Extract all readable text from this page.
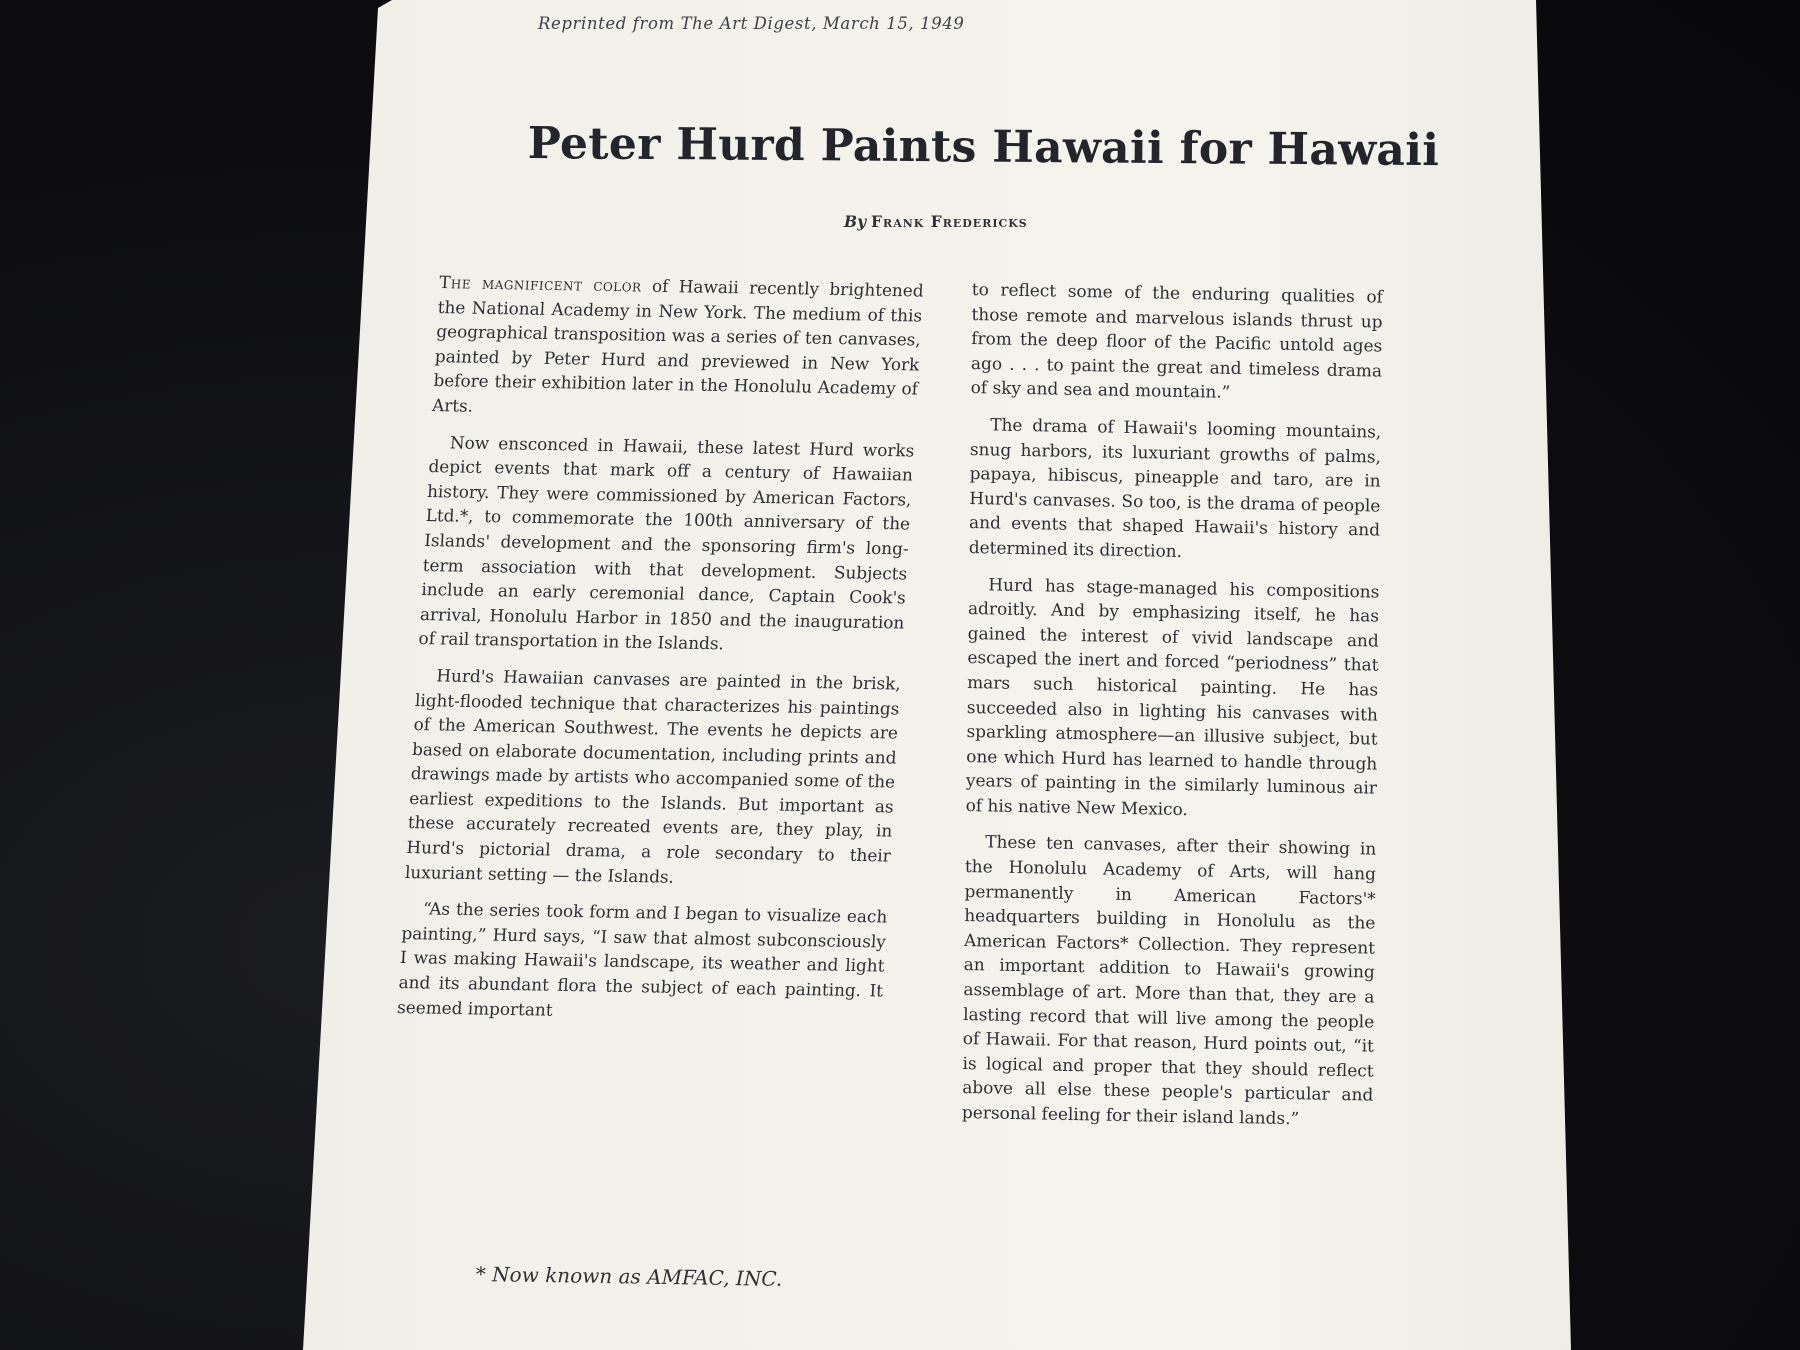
Reprinted from The Art Digest, March 15, 1949
Peter Hurd Paints Hawaii for Hawaii
By Frank Fredericks

The magnificent color of Hawaii recently brightened the National Academy in New York. The medium of this geographical transposition was a series of ten canvases, painted by Peter Hurd and previewed in New York before their exhibition later in the Honolulu Academy of Arts.

Now ensconced in Hawaii, these latest Hurd works depict events that mark off a century of Hawaiian history. They were commissioned by American Factors, Ltd.*, to commemorate the 100th anniversary of the Islands' development and the sponsoring firm's long-term association with that development. Subjects include an early ceremonial dance, Captain Cook's arrival, Honolulu Harbor in 1850 and the inauguration of rail transportation in the Islands.

Hurd's Hawaiian canvases are painted in the brisk, light-flooded technique that characterizes his paintings of the American Southwest. The events he depicts are based on elaborate documentation, including prints and drawings made by artists who accompanied some of the earliest expeditions to the Islands. But important as these accurately recreated events are, they play, in Hurd's pictorial drama, a role secondary to their luxuriant setting — the Islands.

“As the series took form and I began to visualize each painting,” Hurd says, “I saw that almost subconsciously I was making Hawaii's landscape, its weather and light and its abundant flora the subject of each painting. It seemed important

to reflect some of the enduring qualities of those remote and marvelous islands thrust up from the deep floor of the Pacific untold ages ago . . . to paint the great and timeless drama of sky and sea and mountain.”

The drama of Hawaii's looming mountains, snug harbors, its luxuriant growths of palms, papaya, hibiscus, pineapple and taro, are in Hurd's canvases. So too, is the drama of people and events that shaped Hawaii's history and determined its direction.

Hurd has stage-managed his compositions adroitly. And by emphasizing itself, he has gained the interest of vivid landscape and escaped the inert and forced “periodness” that mars such historical painting. He has succeeded also in lighting his canvases with sparkling atmosphere—an illusive subject, but one which Hurd has learned to handle through years of painting in the similarly luminous air of his native New Mexico.

These ten canvases, after their showing in the Honolulu Academy of Arts, will hang permanently in American Factors'* headquarters building in Honolulu as the American Factors* Collection. They represent an important addition to Hawaii's growing assemblage of art. More than that, they are a lasting record that will live among the people of Hawaii. For that reason, Hurd points out, “it is logical and proper that they should reflect above all else these people's particular and personal feeling for their island lands.”

* Now known as AMFAC, INC.
